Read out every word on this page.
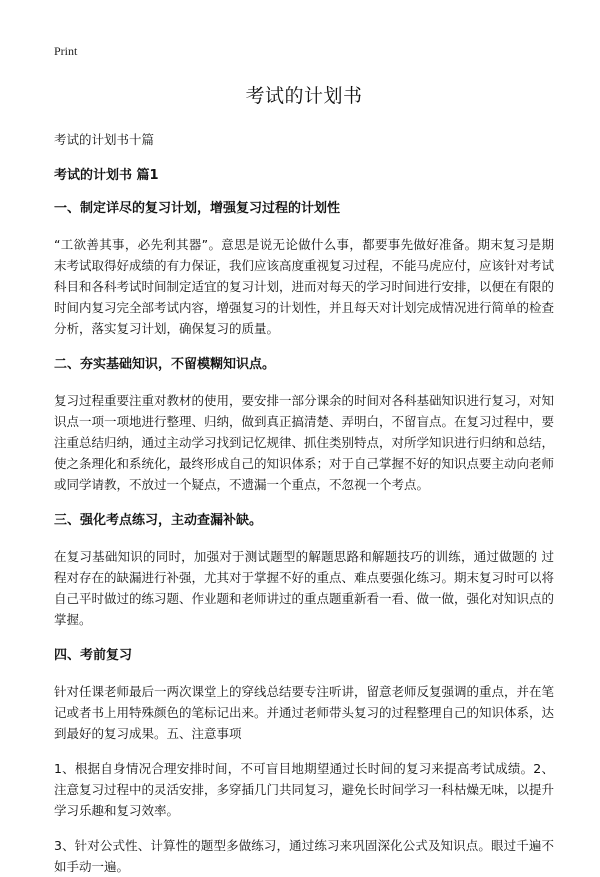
Print
考试的计划书
考试的计划书十篇
考试的计划书 篇1
一、制定详尽的复习计划，增强复习过程的计划性

“工欲善其事，必先利其器”。意思是说无论做什么事，都要事先做好准备。期末复习是期末考试取得好成绩的有力保证，我们应该高度重视复习过程，不能马虎应付，应该针对考试科目和各科考试时间制定适宜的复习计划，进而对每天的学习时间进行安排，以便在有限的时间内复习完全部考试内容，增强复习的计划性，并且每天对计划完成情况进行简单的检查分析，落实复习计划，确保复习的质量。

二、夯实基础知识，不留模糊知识点。

复习过程重要注重对教材的使用，要安排一部分课余的时间对各科基础知识进行复习，对知识点一项一项地进行整理、归纳，做到真正搞清楚、弄明白，不留盲点。在复习过程中，要注重总结归纳，通过主动学习找到记忆规律、抓住类别特点，对所学知识进行归纳和总结，使之条理化和系统化，最终形成自己的知识体系；对于自己掌握不好的知识点要主动向老师或同学请教，不放过一个疑点，不遗漏一个重点，不忽视一个考点。

三、强化考点练习，主动查漏补缺。

在复习基础知识的同时，加强对于测试题型的解题思路和解题技巧的训练，通过做题的 过程对存在的缺漏进行补强，尤其对于掌握不好的重点、难点要强化练习。期末复习时可以将自己平时做过的练习题、作业题和老师讲过的重点题重新看一看、做一做，强化对知识点的掌握。

四、考前复习

针对任课老师最后一两次课堂上的穿线总结要专注听讲，留意老师反复强调的重点，并在笔记或者书上用特殊颜色的笔标记出来。并通过老师带头复习的过程整理自己的知识体系，达到最好的复习成果。五、注意事项

1、根据自身情况合理安排时间，不可盲目地期望通过长时间的复习来提高考试成绩。2、注意复习过程中的灵活安排，多穿插几门共同复习，避免长时间学习一科枯燥无味，以提升学习乐趣和复习效率。

3、针对公式性、计算性的题型多做练习，通过练习来巩固深化公式及知识点。眼过千遍不如手动一遍。
